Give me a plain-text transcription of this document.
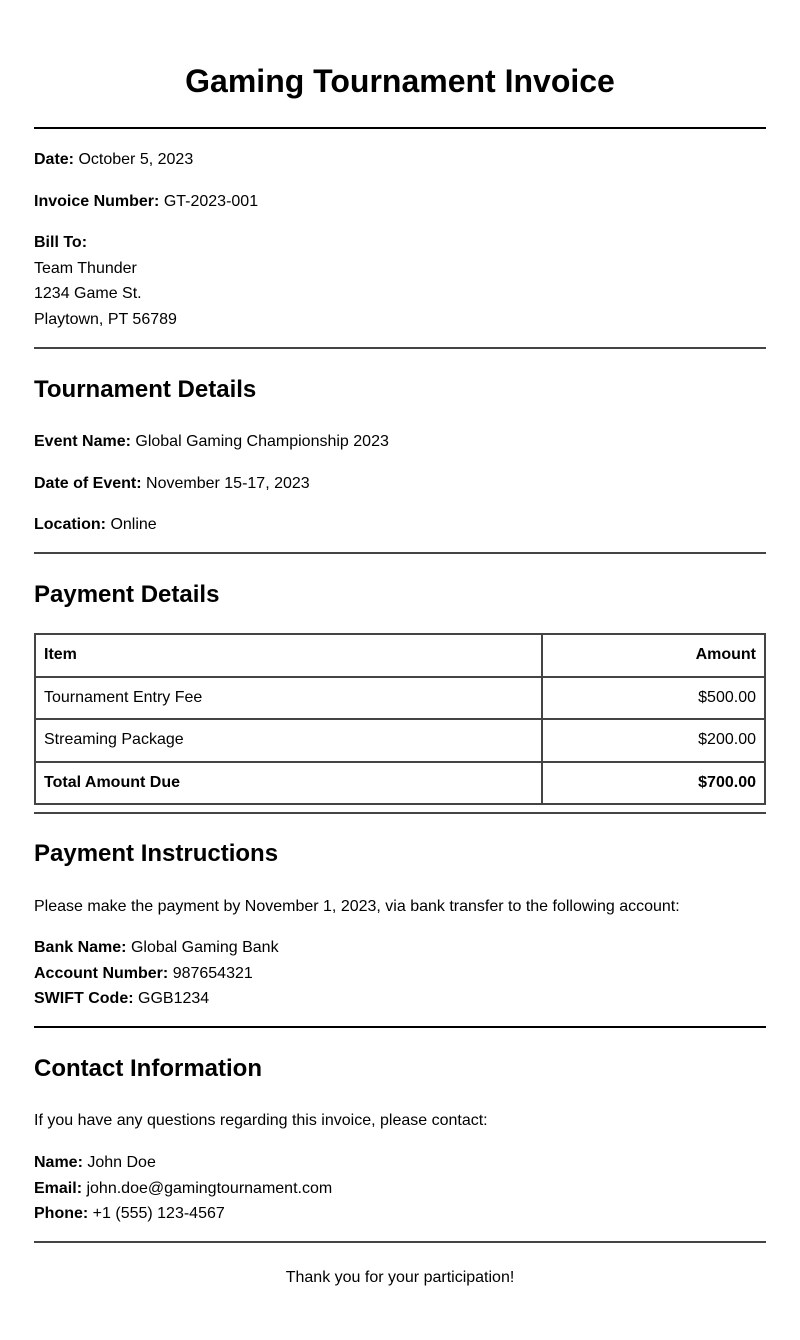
Gaming Tournament Invoice
Date: October 5, 2023
Invoice Number: GT-2023-001
Bill To:
Team Thunder
1234 Game St.
Playtown, PT 56789
Tournament Details
Event Name: Global Gaming Championship 2023
Date of Event: November 15-17, 2023
Location: Online
Payment Details
Item	Amount
Tournament Entry Fee	$500.00
Streaming Package	$200.00
Total Amount Due	$700.00
Payment Instructions
Please make the payment by November 1, 2023, via bank transfer to the following account:
Bank Name: Global Gaming Bank
Account Number: 987654321
SWIFT Code: GGB1234
Contact Information
If you have any questions regarding this invoice, please contact:
Name: John Doe
Email: john.doe@gamingtournament.com
Phone: +1 (555) 123-4567
Thank you for your participation!
